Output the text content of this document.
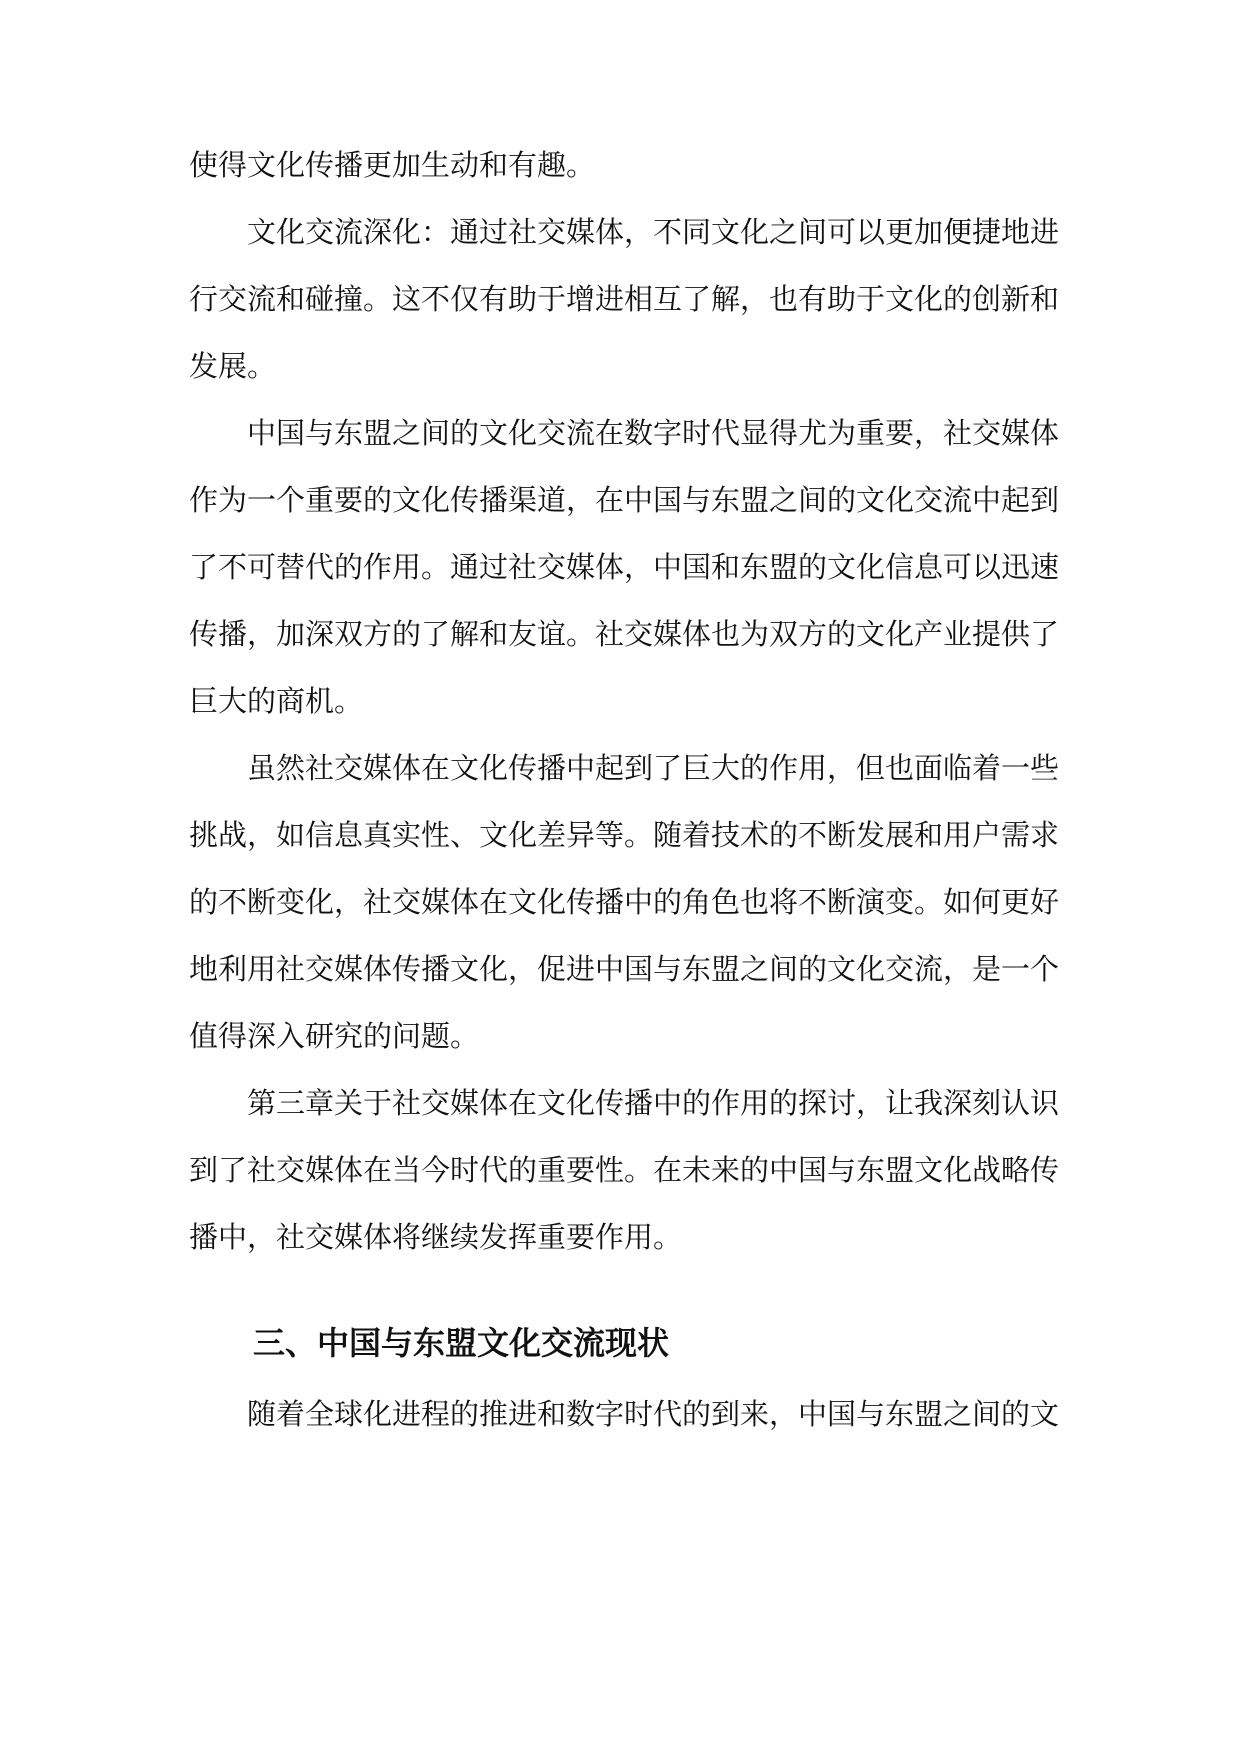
使得文化传播更加生动和有趣。

文化交流深化：通过社交媒体，不同文化之间可以更加便捷地进行交流和碰撞。这不仅有助于增进相互了解，也有助于文化的创新和发展。

中国与东盟之间的文化交流在数字时代显得尤为重要，社交媒体作为一个重要的文化传播渠道，在中国与东盟之间的文化交流中起到了不可替代的作用。通过社交媒体，中国和东盟的文化信息可以迅速传播，加深双方的了解和友谊。社交媒体也为双方的文化产业提供了巨大的商机。

虽然社交媒体在文化传播中起到了巨大的作用，但也面临着一些挑战，如信息真实性、文化差异等。随着技术的不断发展和用户需求的不断变化，社交媒体在文化传播中的角色也将不断演变。如何更好地利用社交媒体传播文化，促进中国与东盟之间的文化交流，是一个值得深入研究的问题。

第三章关于社交媒体在文化传播中的作用的探讨，让我深刻认识到了社交媒体在当今时代的重要性。在未来的中国与东盟文化战略传播中，社交媒体将继续发挥重要作用。

三、中国与东盟文化交流现状

随着全球化进程的推进和数字时代的到来，中国与东盟之间的文
